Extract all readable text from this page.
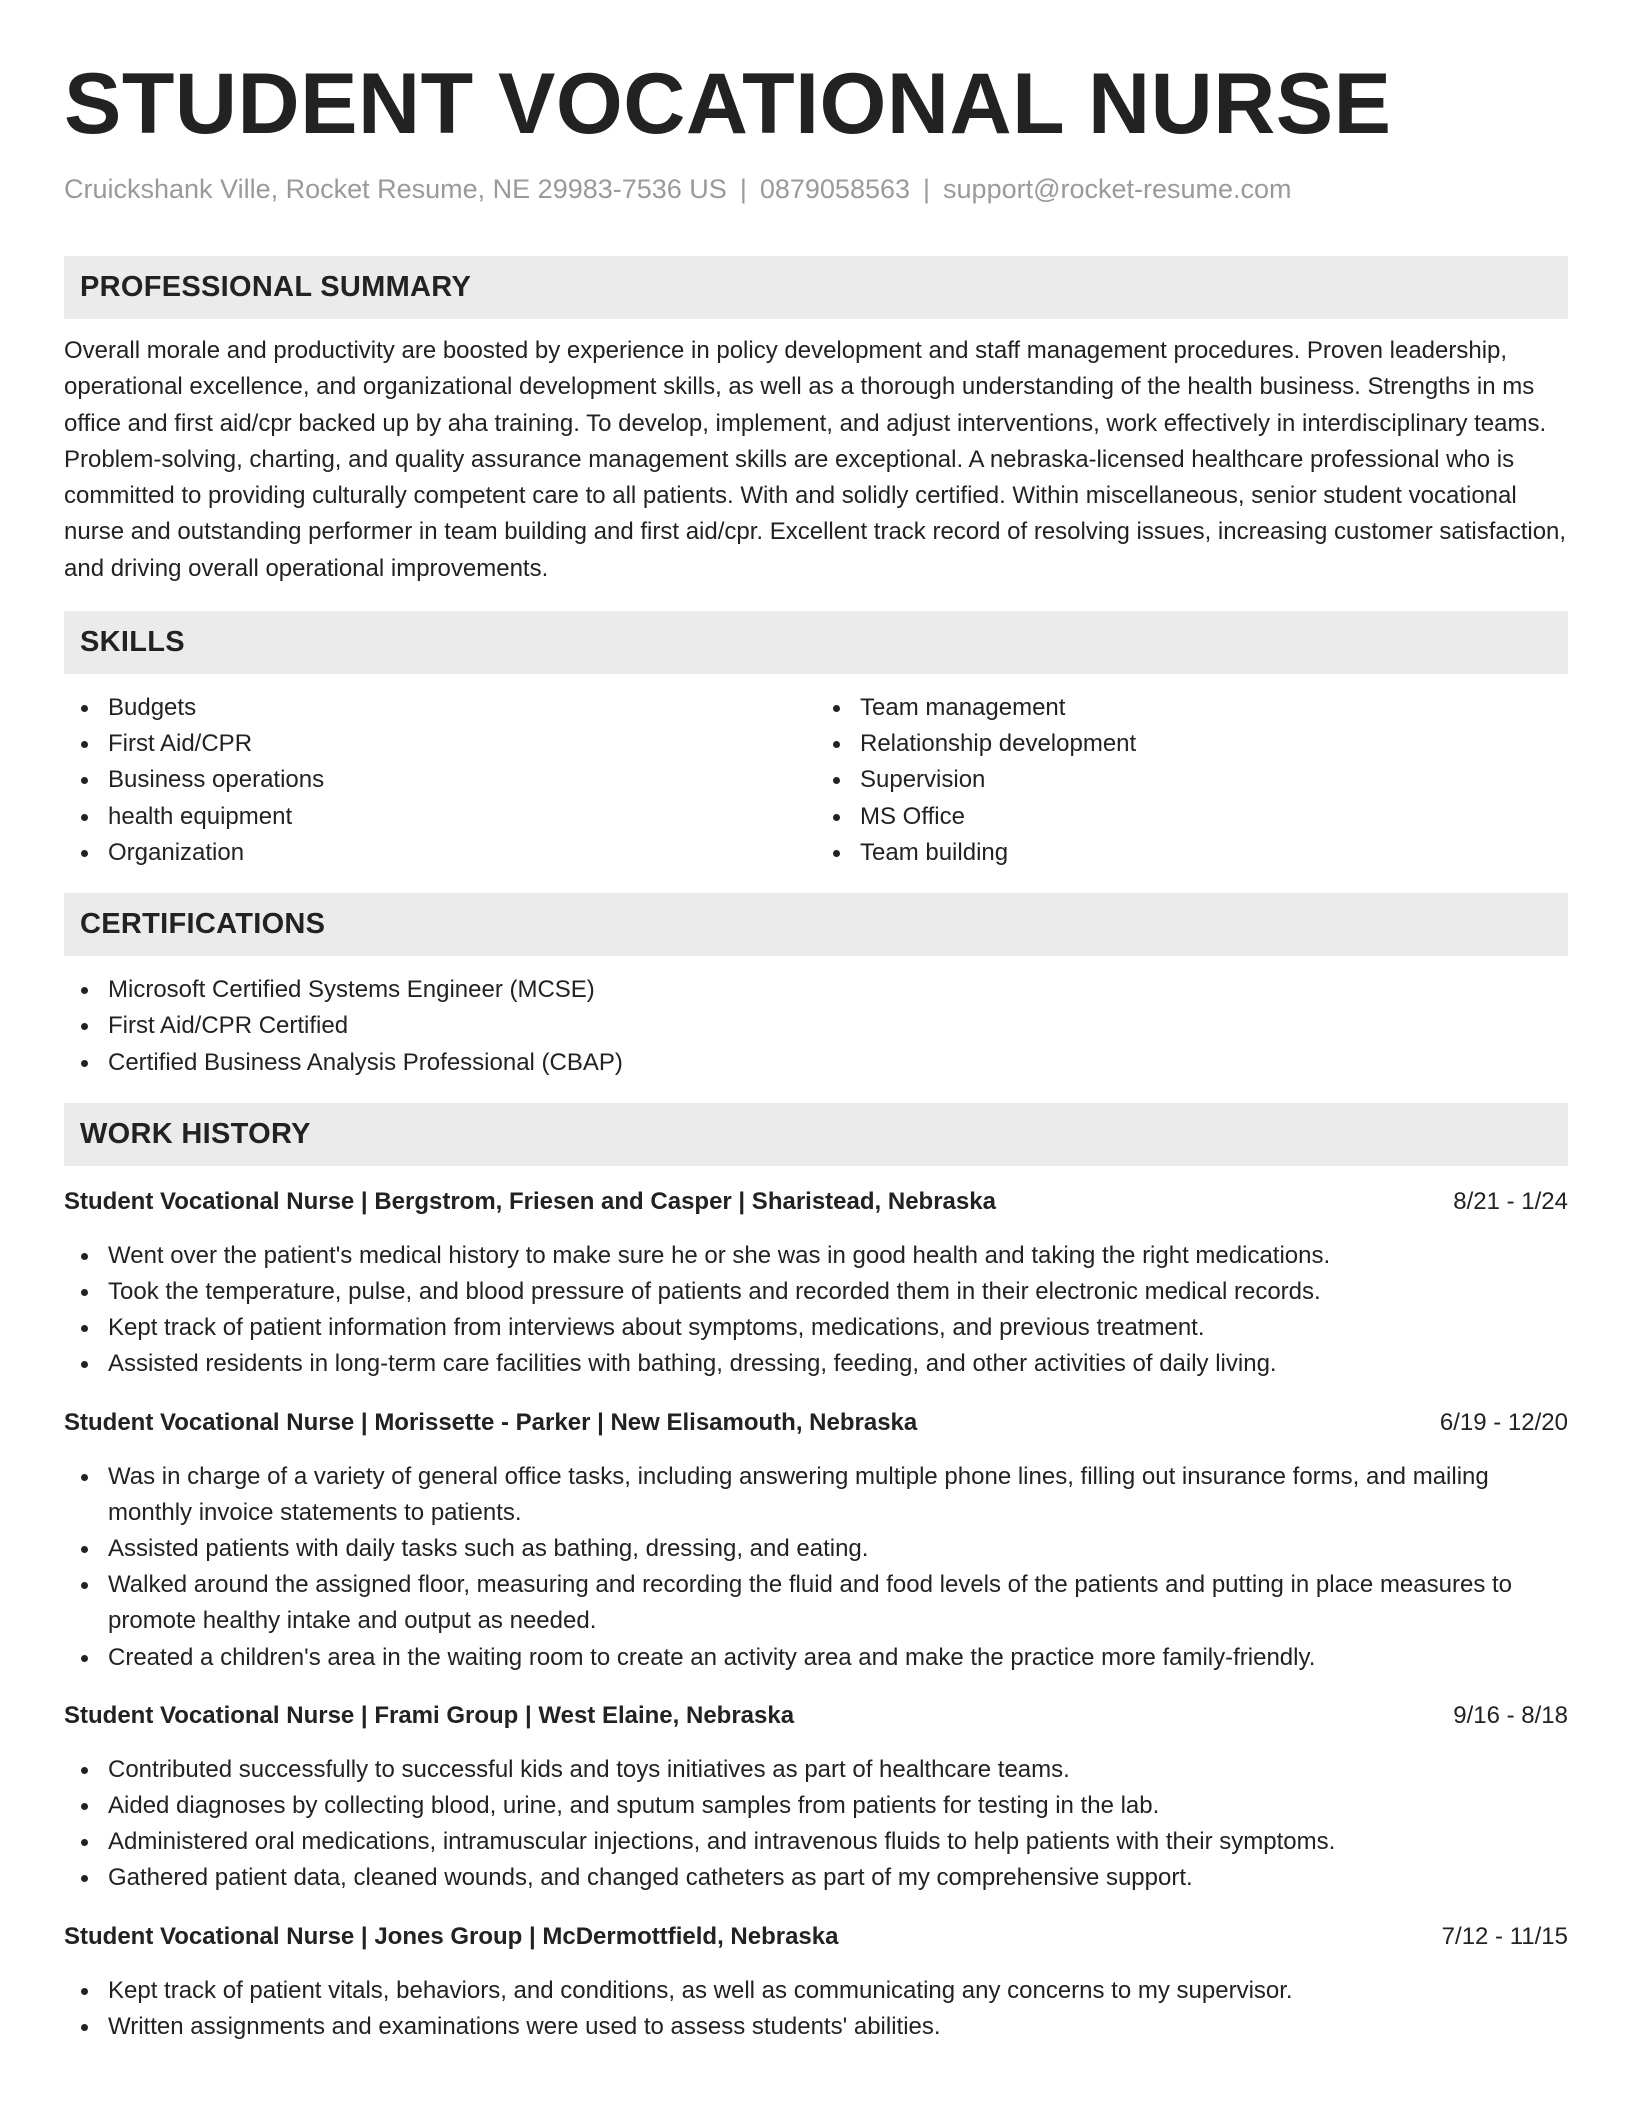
STUDENT VOCATIONAL NURSE
Cruickshank Ville, Rocket Resume, NE 29983-7536 US | 0879058563 | support@rocket-resume.com
PROFESSIONAL SUMMARY

Overall morale and productivity are boosted by experience in policy development and staff management procedures. Proven leadership, operational excellence, and organizational development skills, as well as a thorough understanding of the health business. Strengths in ms office and first aid/cpr backed up by aha training. To develop, implement, and adjust interventions, work effectively in interdisciplinary teams. Problem-solving, charting, and quality assurance management skills are exceptional. A nebraska-licensed healthcare professional who is committed to providing culturally competent care to all patients. With and solidly certified. Within miscellaneous, senior student vocational nurse and outstanding performer in team building and first aid/cpr. Excellent track record of resolving issues, increasing customer satisfaction, and driving overall operational improvements.

SKILLS
Budgets
First Aid/CPR
Business operations
health equipment
Organization
Team management
Relationship development
Supervision
MS Office
Team building
CERTIFICATIONS
Microsoft Certified Systems Engineer (MCSE)
First Aid/CPR Certified
Certified Business Analysis Professional (CBAP)
WORK HISTORY
Student Vocational Nurse | Bergstrom, Friesen and Casper | Sharistead, Nebraska	8/21 - 1/24
Went over the patient's medical history to make sure he or she was in good health and taking the right medications.
Took the temperature, pulse, and blood pressure of patients and recorded them in their electronic medical records.
Kept track of patient information from interviews about symptoms, medications, and previous treatment.
Assisted residents in long-term care facilities with bathing, dressing, feeding, and other activities of daily living.
Student Vocational Nurse | Morissette - Parker | New Elisamouth, Nebraska	6/19 - 12/20
Was in charge of a variety of general office tasks, including answering multiple phone lines, filling out insurance forms, and mailing monthly invoice statements to patients.
Assisted patients with daily tasks such as bathing, dressing, and eating.
Walked around the assigned floor, measuring and recording the fluid and food levels of the patients and putting in place measures to promote healthy intake and output as needed.
Created a children's area in the waiting room to create an activity area and make the practice more family-friendly.
Student Vocational Nurse | Frami Group | West Elaine, Nebraska	9/16 - 8/18
Contributed successfully to successful kids and toys initiatives as part of healthcare teams.
Aided diagnoses by collecting blood, urine, and sputum samples from patients for testing in the lab.
Administered oral medications, intramuscular injections, and intravenous fluids to help patients with their symptoms.
Gathered patient data, cleaned wounds, and changed catheters as part of my comprehensive support.
Student Vocational Nurse | Jones Group | McDermottfield, Nebraska	7/12 - 11/15
Kept track of patient vitals, behaviors, and conditions, as well as communicating any concerns to my supervisor.
Written assignments and examinations were used to assess students' abilities.
